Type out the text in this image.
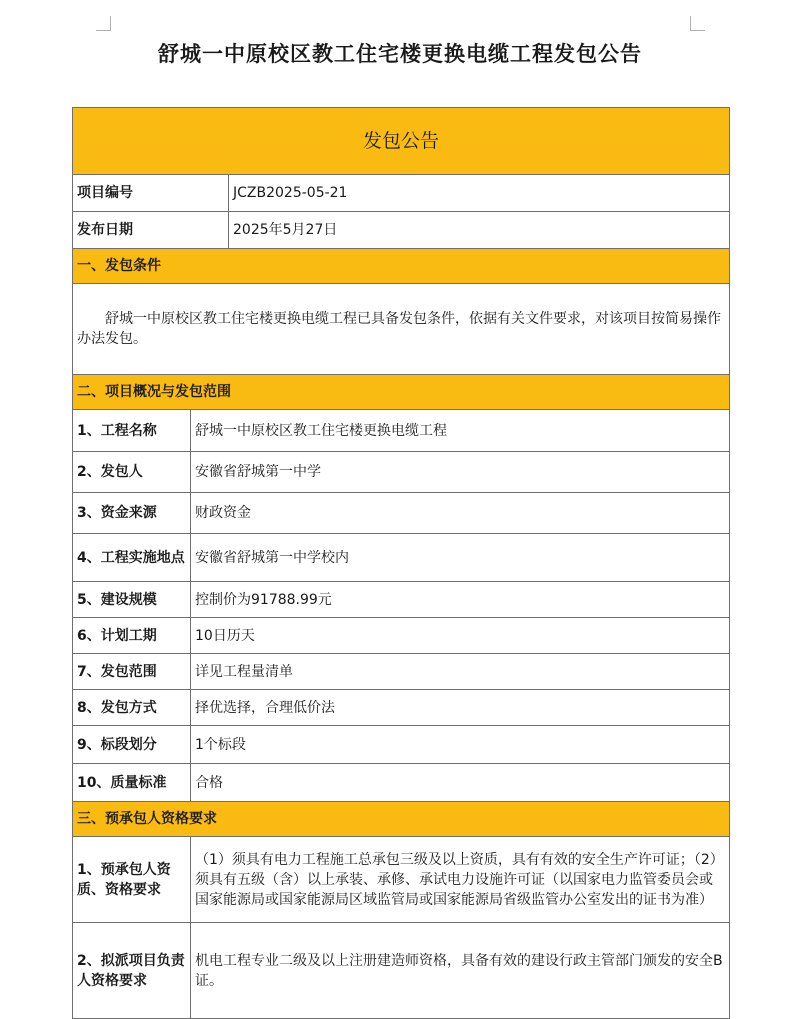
舒城一中原校区教工住宅楼更换电缆工程发包公告
发包公告		
项目编号		JCZB2025-05-21
发布日期		2025年5月27日
一、发包条件		
舒城一中原校区教工住宅楼更换电缆工程已具备发包条件，依据有关文件要求，对该项目按简易操作办法发包。		
二、项目概况与发包范围		
1、工程名称	舒城一中原校区教工住宅楼更换电缆工程	
2、发包人	安徽省舒城第一中学	
3、资金来源	财政资金	
4、工程实施地点	安徽省舒城第一中学校内	
5、建设规模	控制价为91788.99元	
6、计划工期	10日历天	
7、发包范围	详见工程量清单	
8、发包方式	择优选择，合理低价法	
9、标段划分	1个标段	
10、质量标准	合格	
三、预承包人资格要求		
1、预承包人资质、资格要求	（1）须具有电力工程施工总承包三级及以上资质，具有有效的安全生产许可证；（2）须具有五级（含）以上承装、承修、承试电力设施许可证（以国家电力监管委员会或国家能源局或国家能源局区域监管局或国家能源局省级监管办公室发出的证书为准）	
2、拟派项目负责人资格要求	机电工程专业二级及以上注册建造师资格，具备有效的建设行政主管部门颁发的安全B证。	
